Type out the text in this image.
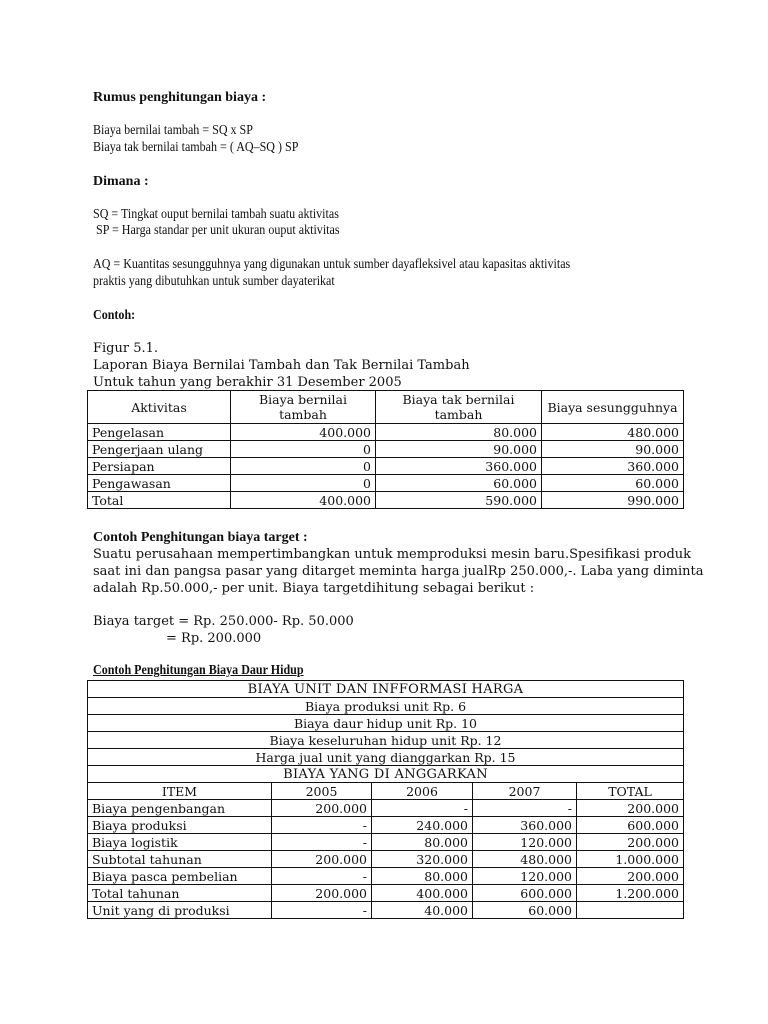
Rumus penghitungan biaya :
Biaya bernilai tambah = SQ x SP
Biaya tak bernilai tambah = ( AQ–SQ ) SP
Dimana :
SQ = Tingkat ouput bernilai tambah suatu aktivitas
SP = Harga standar per unit ukuran ouput aktivitas
AQ = Kuantitas sesungguhnya yang digunakan untuk sumber dayafleksivel atau kapasitas aktivitas
praktis yang dibutuhkan untuk sumber dayaterikat
Contoh:
Figur 5.1.
Laporan Biaya Bernilai Tambah dan Tak Bernilai Tambah
Untuk tahun yang berakhir 31 Desember 2005
Aktivitas	Biaya bernilai tambah	Biaya tak bernilai tambah	Biaya sesungguhnya
Pengelasan	400.000	80.000	480.000
Pengerjaan ulang	0	90.000	90.000
Persiapan	0	360.000	360.000
Pengawasan	0	60.000	60.000
Total	400.000	590.000	990.000
Contoh Penghitungan biaya target :
Suatu perusahaan mempertimbangkan untuk memproduksi mesin baru.Spesifikasi produk
saat ini dan pangsa pasar yang ditarget meminta harga jualRp 250.000,-. Laba yang diminta
adalah Rp.50.000,- per unit. Biaya targetdihitung sebagai berikut :
Biaya target = Rp. 250.000- Rp. 50.000
= Rp. 200.000
Contoh Penghitungan Biaya Daur Hidup
BIAYA UNIT DAN INFFORMASI HARGA				
Biaya produksi unit Rp. 6				
Biaya daur hidup unit Rp. 10				
Biaya keseluruhan hidup unit Rp. 12				
Harga jual unit yang dianggarkan Rp. 15				
BIAYA YANG DI ANGGARKAN				
ITEM	2005	2006	2007	TOTAL
Biaya pengenbangan	200.000	-	-	200.000
Biaya produksi	-	240.000	360.000	600.000
Biaya logistik	-	80.000	120.000	200.000
Subtotal tahunan	200.000	320.000	480.000	1.000.000
Biaya pasca pembelian	-	80.000	120.000	200.000
Total tahunan	200.000	400.000	600.000	1.200.000
Unit yang di produksi	-	40.000	60.000	
